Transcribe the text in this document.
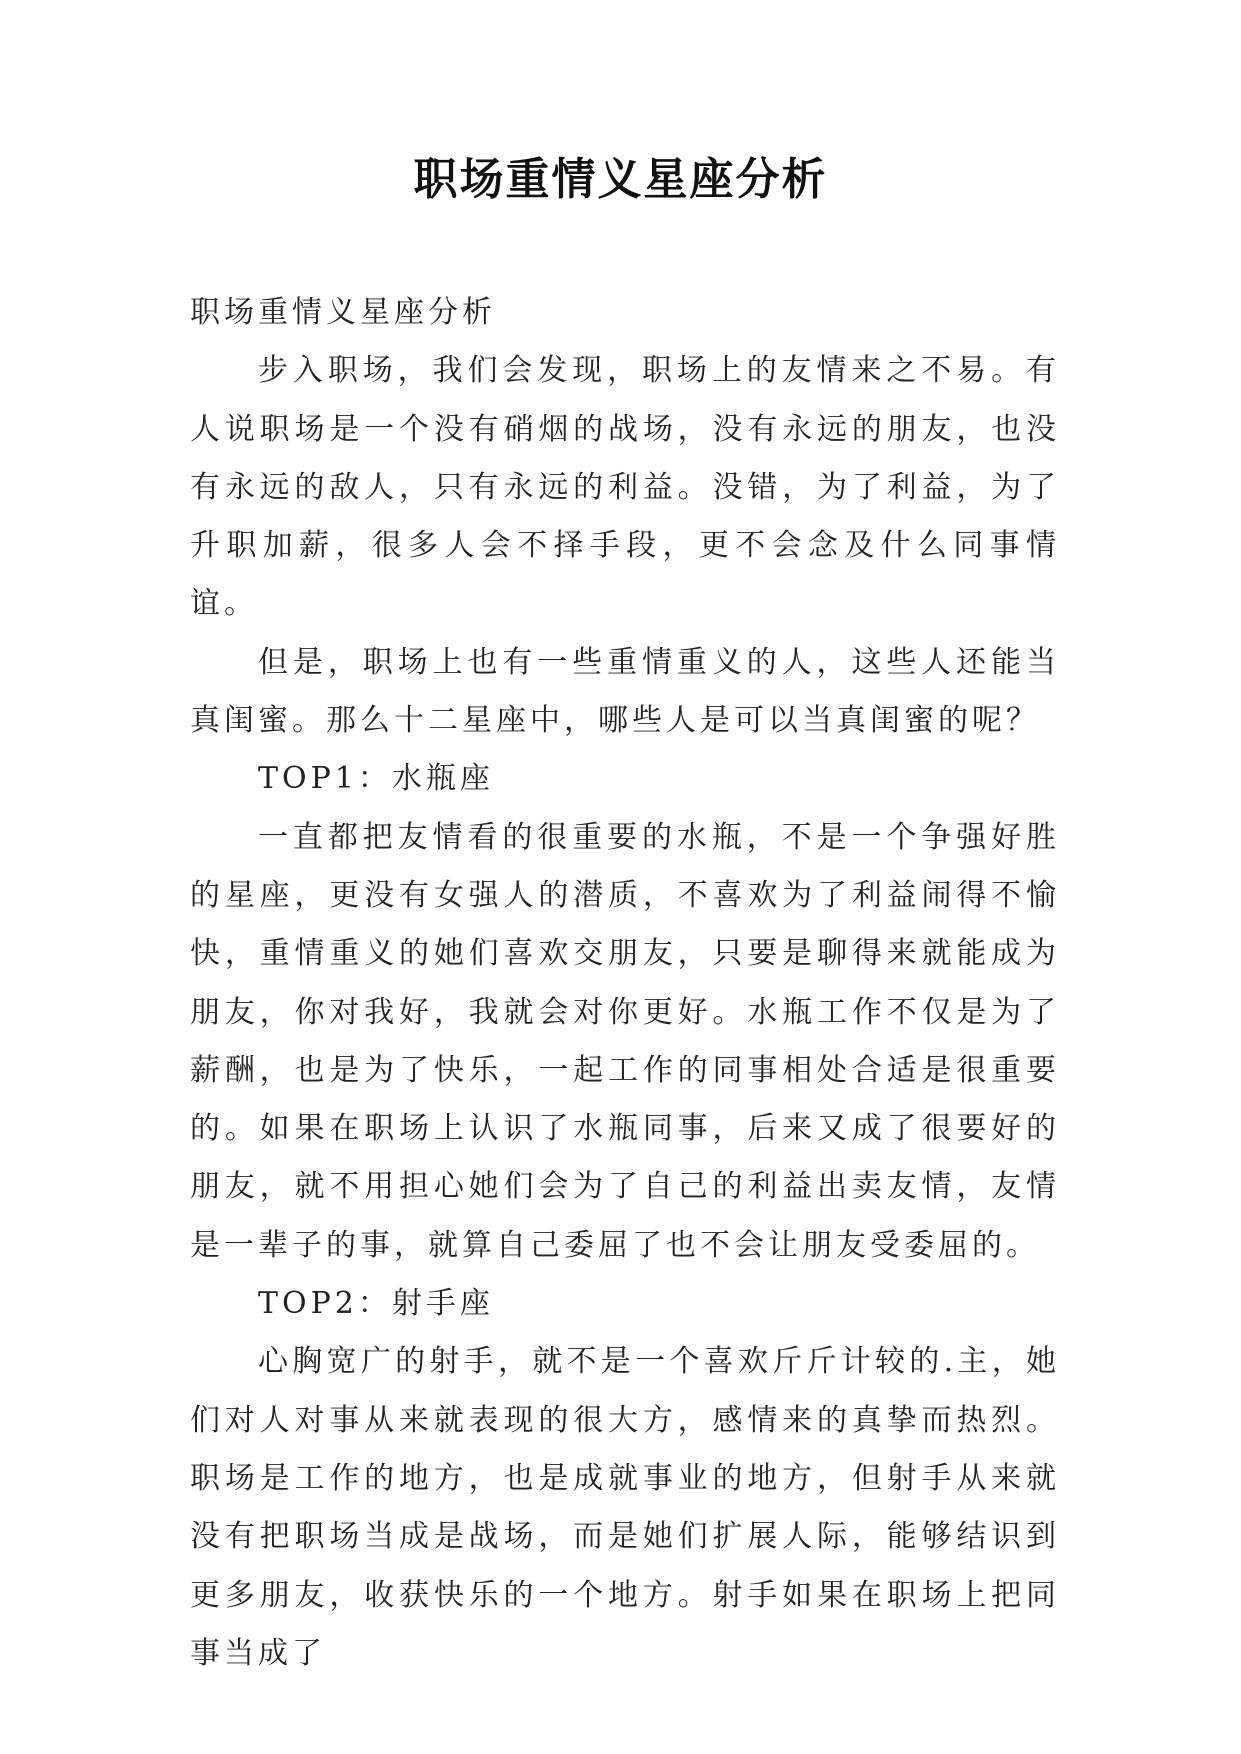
职场重情义星座分析

职场重情义星座分析

步入职场，我们会发现，职场上的友情来之不易。有人说职场是一个没有硝烟的战场，没有永远的朋友，也没有永远的敌人，只有永远的利益。没错，为了利益，为了升职加薪，很多人会不择手段，更不会念及什么同事情谊。

但是，职场上也有一些重情重义的人，这些人还能当真闺蜜。那么十二星座中，哪些人是可以当真闺蜜的呢？

TOP1：水瓶座

一直都把友情看的很重要的水瓶，不是一个争强好胜的星座，更没有女强人的潜质，不喜欢为了利益闹得不愉快，重情重义的她们喜欢交朋友，只要是聊得来就能成为朋友，你对我好，我就会对你更好。水瓶工作不仅是为了薪酬，也是为了快乐，一起工作的同事相处合适是很重要的。如果在职场上认识了水瓶同事，后来又成了很要好的朋友，就不用担心她们会为了自己的利益出卖友情，友情是一辈子的事，就算自己委屈了也不会让朋友受委屈的。

TOP2：射手座

心胸宽广的射手，就不是一个喜欢斤斤计较的.主，她们对人对事从来就表现的很大方，感情来的真挚而热烈。职场是工作的地方，也是成就事业的地方，但射手从来就没有把职场当成是战场，而是她们扩展人际，能够结识到更多朋友，收获快乐的一个地方。射手如果在职场上把同事当成了
